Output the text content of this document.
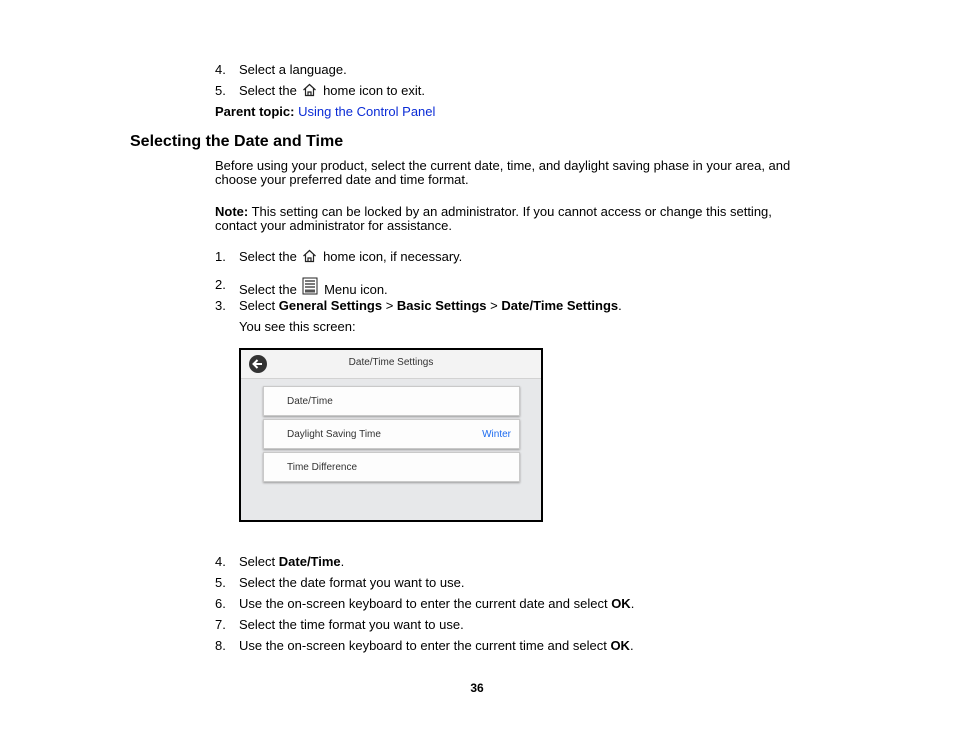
4. Select a language.
5. Select the home icon to exit.
Parent topic: Using the Control Panel
Selecting the Date and Time
Before using your product, select the current date, time, and daylight saving phase in your area, and choose your preferred date and time format.
Note: This setting can be locked by an administrator. If you cannot access or change this setting, contact your administrator for assistance.
1. Select the home icon, if necessary.
2. Select the Menu icon.
3. Select General Settings > Basic Settings > Date/Time Settings.
You see this screen:
Date/Time Settings
Date/Time
Daylight Saving Time	Winter
Time Difference
4. Select Date/Time.
5. Select the date format you want to use.
6. Use the on-screen keyboard to enter the current date and select OK.
7. Select the time format you want to use.
8. Use the on-screen keyboard to enter the current time and select OK.
36
